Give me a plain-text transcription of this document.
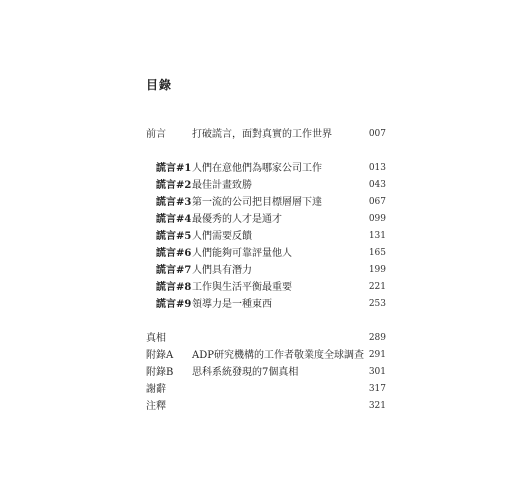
目錄
前言	打破謊言，面對真實的工作世界	007
謊言#1 人們在意他們為哪家公司工作	013
謊言#2 最佳計畫致勝	043
謊言#3 第一流的公司把目標層層下達	067
謊言#4 最優秀的人才是通才	099
謊言#5 人們需要反饋	131
謊言#6 人們能夠可靠評量他人	165
謊言#7 人們具有潛力	199
謊言#8 工作與生活平衡最重要	221
謊言#9 領導力是一種東西	253
真相	289
附錄A ADP研究機構的工作者敬業度全球調查 291
附錄B 思科系統發現的7個真相	301
謝辭	317
注釋	321
